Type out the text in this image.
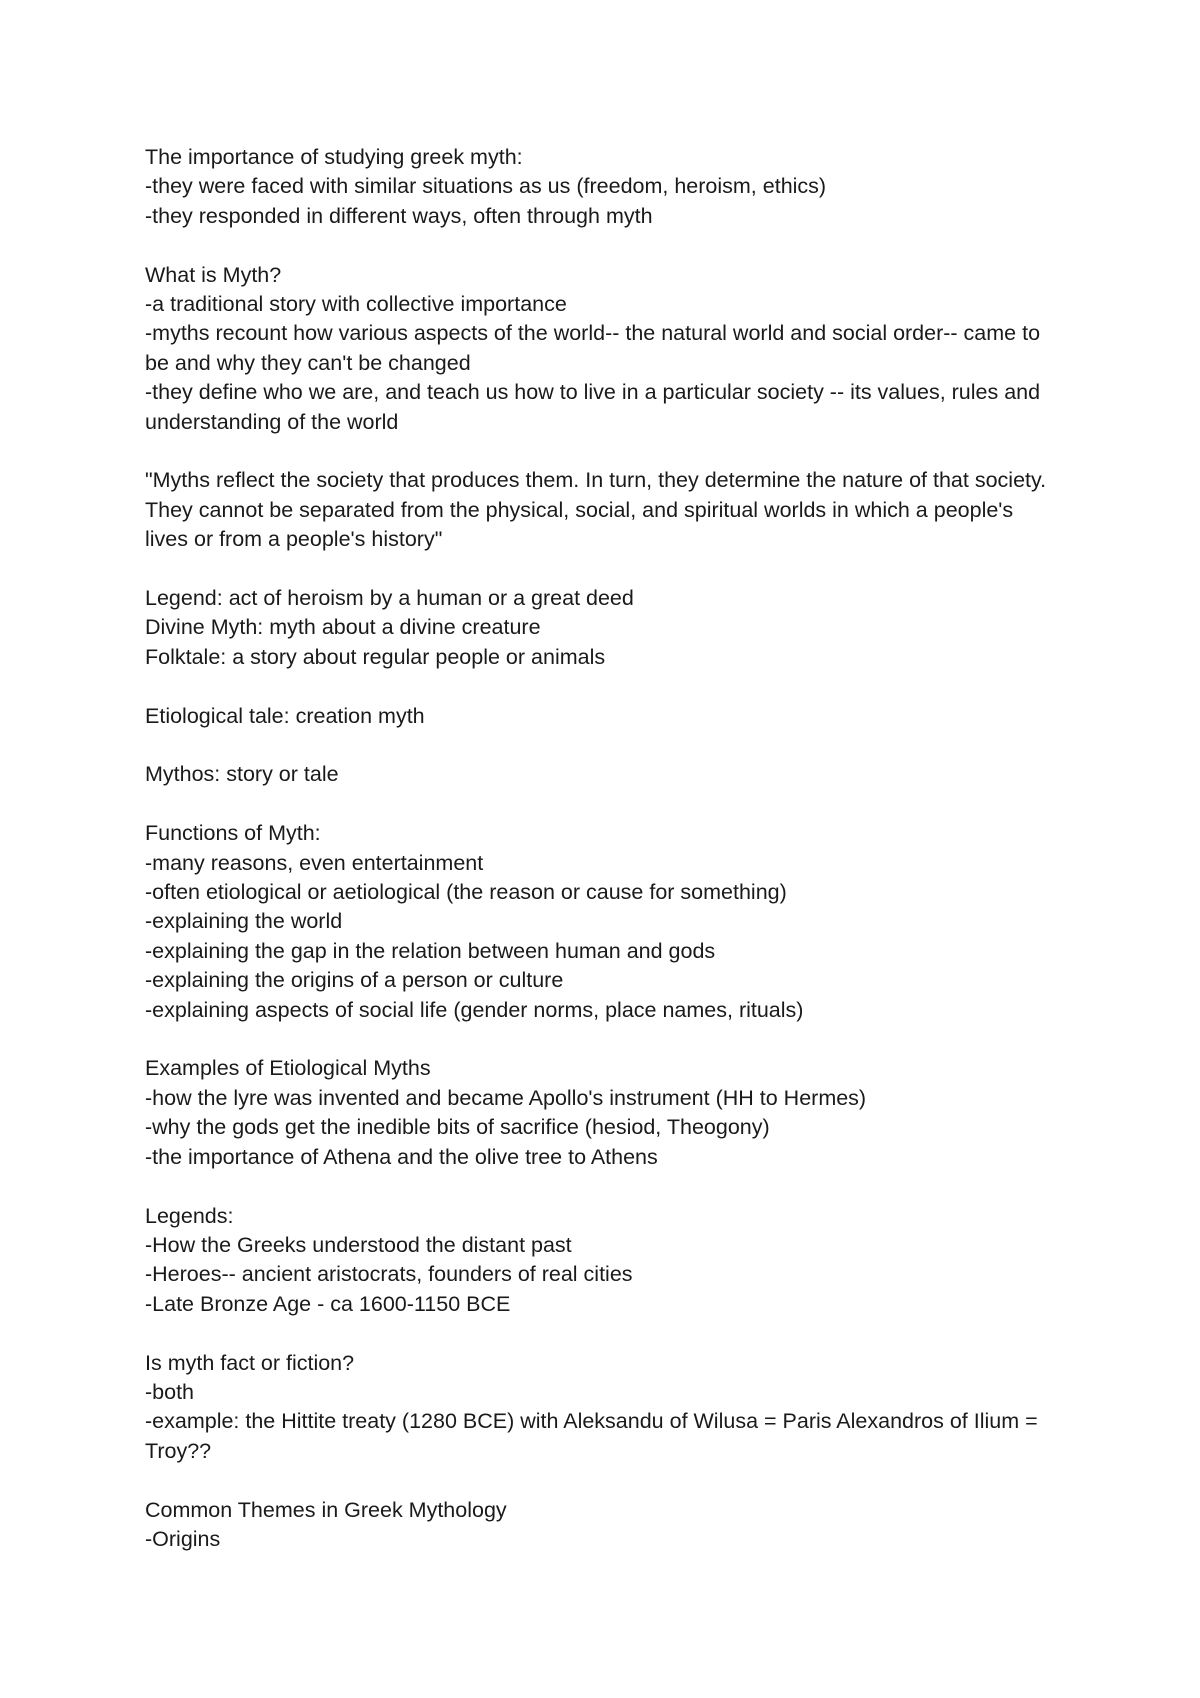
The importance of studying greek myth:
-they were faced with similar situations as us (freedom, heroism, ethics)
-they responded in different ways, often through myth
What is Myth?
-a traditional story with collective importance
-myths recount how various aspects of the world-- the natural world and social order-- came to be and why they can't be changed
-they define who we are, and teach us how to live in a particular society -- its values, rules and understanding of the world
"Myths reflect the society that produces them. In turn, they determine the nature of that society. They cannot be separated from the physical, social, and spiritual worlds in which a people's lives or from a people's history"
Legend: act of heroism by a human or a great deed
Divine Myth: myth about a divine creature
Folktale: a story about regular people or animals
Etiological tale: creation myth
Mythos: story or tale
Functions of Myth:
-many reasons, even entertainment
-often etiological or aetiological (the reason or cause for something)
-explaining the world
-explaining the gap in the relation between human and gods
-explaining the origins of a person or culture
-explaining aspects of social life (gender norms, place names, rituals)
Examples of Etiological Myths
-how the lyre was invented and became Apollo's instrument (HH to Hermes)
-why the gods get the inedible bits of sacrifice (hesiod, Theogony)
-the importance of Athena and the olive tree to Athens
Legends:
-How the Greeks understood the distant past
-Heroes-- ancient aristocrats, founders of real cities
-Late Bronze Age - ca 1600-1150 BCE
Is myth fact or fiction?
-both
-example: the Hittite treaty (1280 BCE) with Aleksandu of Wilusa = Paris Alexandros of Ilium = Troy??
Common Themes in Greek Mythology
-Origins
